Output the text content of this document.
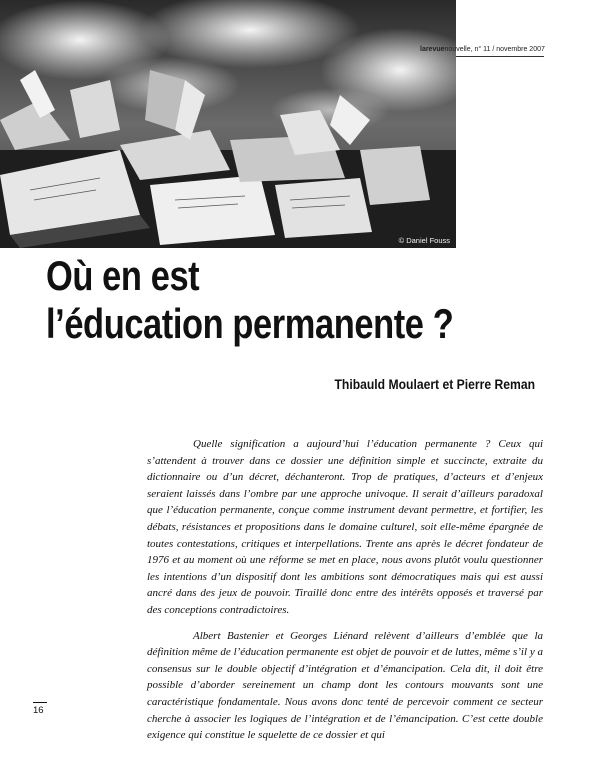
© Daniel Fouss
larevuenouvelle, n° 11 / novembre 2007
Où en est
l’éducation permanente ?
Thibauld Moulaert et Pierre Reman

Quelle signification a aujourd’hui l’éducation permanente ? Ceux qui s’attendent à trouver dans ce dossier une définition simple et succincte, extraite du dictionnaire ou d’un décret, déchanteront. Trop de pratiques, d’acteurs et d’enjeux seraient laissés dans l’ombre par une approche univoque. Il serait d’ailleurs paradoxal que l’éducation permanente, conçue comme instrument devant permettre, et fortifier, les débats, résistances et propositions dans le domaine culturel, soit elle-même épargnée de toutes contestations, critiques et interpellations. Trente ans après le décret fondateur de 1976 et au moment où une réforme se met en place, nous avons plutôt voulu questionner les intentions d’un dispositif dont les ambitions sont démocratiques mais qui est aussi ancré dans des jeux de pouvoir. Tiraillé donc entre des intérêts opposés et traversé par des conceptions contradictoires.

Albert Bastenier et Georges Liénard relèvent d’ailleurs d’emblée que la définition même de l’éducation permanente est objet de pouvoir et de luttes, même s’il y a consensus sur le double objectif d’intégration et d’émancipation. Cela dit, il doit être possible d’aborder sereinement un champ dont les contours mouvants sont une caractéristique fondamentale. Nous avons donc tenté de percevoir comment ce secteur cherche à associer les logiques de l’intégration et de l’émancipation. C’est cette double exigence qui constitue le squelette de ce dossier et qui

16
